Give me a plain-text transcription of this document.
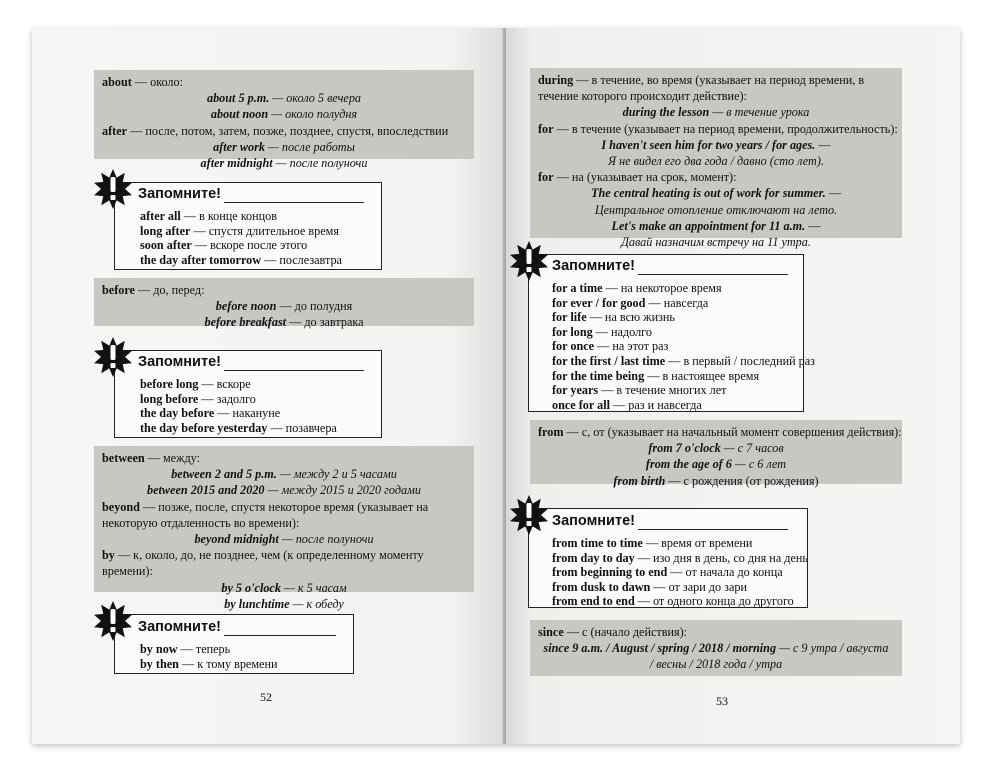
about — около:
about 5 p.m. — около 5 вечера
about noon — около полудня
after — после, потом, затем, позже, позднее, спустя, впоследствии
after work — после работы
after midnight — после полуночи
Запомните!
after all — в конце концов
long after — спустя длительное время
soon after — вскоре после этого
the day after tomorrow — послезавтра
before — до, перед:
before noon — до полудня
before breakfast — до завтрака
Запомните!
before long — вскоре
long before — задолго
the day before — накануне
the day before yesterday — позавчера
between — между:
between 2 and 5 p.m. — между 2 и 5 часами
between 2015 and 2020 — между 2015 и 2020 годами
beyond — позже, после, спустя некоторое время (указывает на
некоторую отдаленность во времени):
beyond midnight — после полуночи
by — к, около, до, не позднее, чем (к определенному моменту
времени):
by 5 o'clock — к 5 часам
by lunchtime — к обеду
Запомните!
by now — теперь
by then — к тому времени
52
during — в течение, во время (указывает на период времени, в
течение которого происходит действие):
during the lesson — в течение урока
for — в течение (указывает на период времени, продолжительность):
I haven't seen him for two years / for ages. —
Я не видел его два года / давно (сто лет).
for — на (указывает на срок, момент):
The central heating is out of work for summer. —
Центральное отопление отключают на лето.
Let's make an appointment for 11 a.m. —
Давай назначим встречу на 11 утра.
Запомните!
for a time — на некоторое время
for ever / for good — навсегда
for life — на всю жизнь
for long — надолго
for once — на этот раз
for the first / last time — в первый / последний раз
for the time being — в настоящее время
for years — в течение многих лет
once for all — раз и навсегда
from — с, от (указывает на начальный момент совершения действия):
from 7 o'clock — с 7 часов
from the age of 6 — с 6 лет
from birth — с рождения (от рождения)
Запомните!
from time to time — время от времени
from day to day — изо дня в день, со дня на день
from beginning to end — от начала до конца
from dusk to dawn — от зари до зари
from end to end — от одного конца до другого
since — с (начало действия):
since 9 a.m. / August / spring / 2018 / morning — с 9 утра / августа
/ весны / 2018 года / утра
53
